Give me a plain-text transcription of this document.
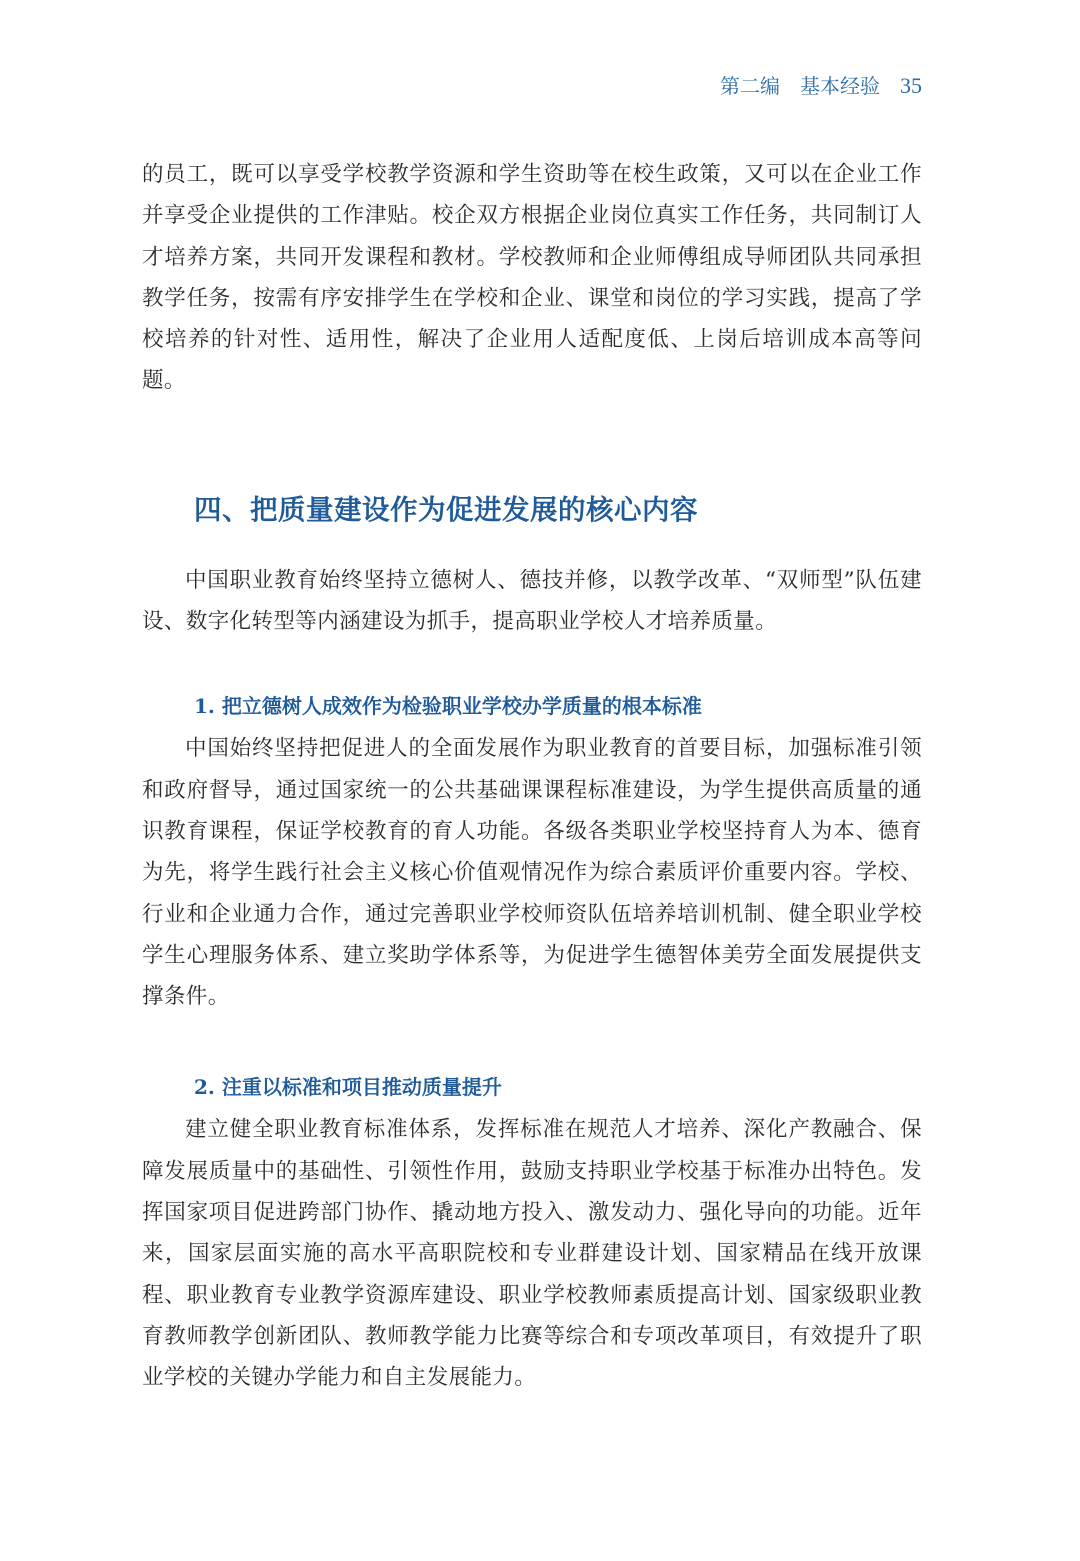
第二编 基本经验 35

的员工，既可以享受学校教学资源和学生资助等在校生政策，又可以在企业工作并享受企业提供的工作津贴。校企双方根据企业岗位真实工作任务，共同制订人才培养方案，共同开发课程和教材。学校教师和企业师傅组成导师团队共同承担教学任务，按需有序安排学生在学校和企业、课堂和岗位的学习实践，提高了学校培养的针对性、适用性，解决了企业用人适配度低、上岗后培训成本高等问题。

四、把质量建设作为促进发展的核心内容

中国职业教育始终坚持立德树人、德技并修，以教学改革、“双师型”队伍建设、数字化转型等内涵建设为抓手，提高职业学校人才培养质量。

1. 把立德树人成效作为检验职业学校办学质量的根本标准

中国始终坚持把促进人的全面发展作为职业教育的首要目标，加强标准引领和政府督导，通过国家统一的公共基础课课程标准建设，为学生提供高质量的通识教育课程，保证学校教育的育人功能。各级各类职业学校坚持育人为本、德育为先，将学生践行社会主义核心价值观情况作为综合素质评价重要内容。学校、行业和企业通力合作，通过完善职业学校师资队伍培养培训机制、健全职业学校学生心理服务体系、建立奖助学体系等，为促进学生德智体美劳全面发展提供支撑条件。

2. 注重以标准和项目推动质量提升

建立健全职业教育标准体系，发挥标准在规范人才培养、深化产教融合、保障发展质量中的基础性、引领性作用，鼓励支持职业学校基于标准办出特色。发挥国家项目促进跨部门协作、撬动地方投入、激发动力、强化导向的功能。近年来，国家层面实施的高水平高职院校和专业群建设计划、国家精品在线开放课程、职业教育专业教学资源库建设、职业学校教师素质提高计划、国家级职业教育教师教学创新团队、教师教学能力比赛等综合和专项改革项目，有效提升了职业学校的关键办学能力和自主发展能力。
